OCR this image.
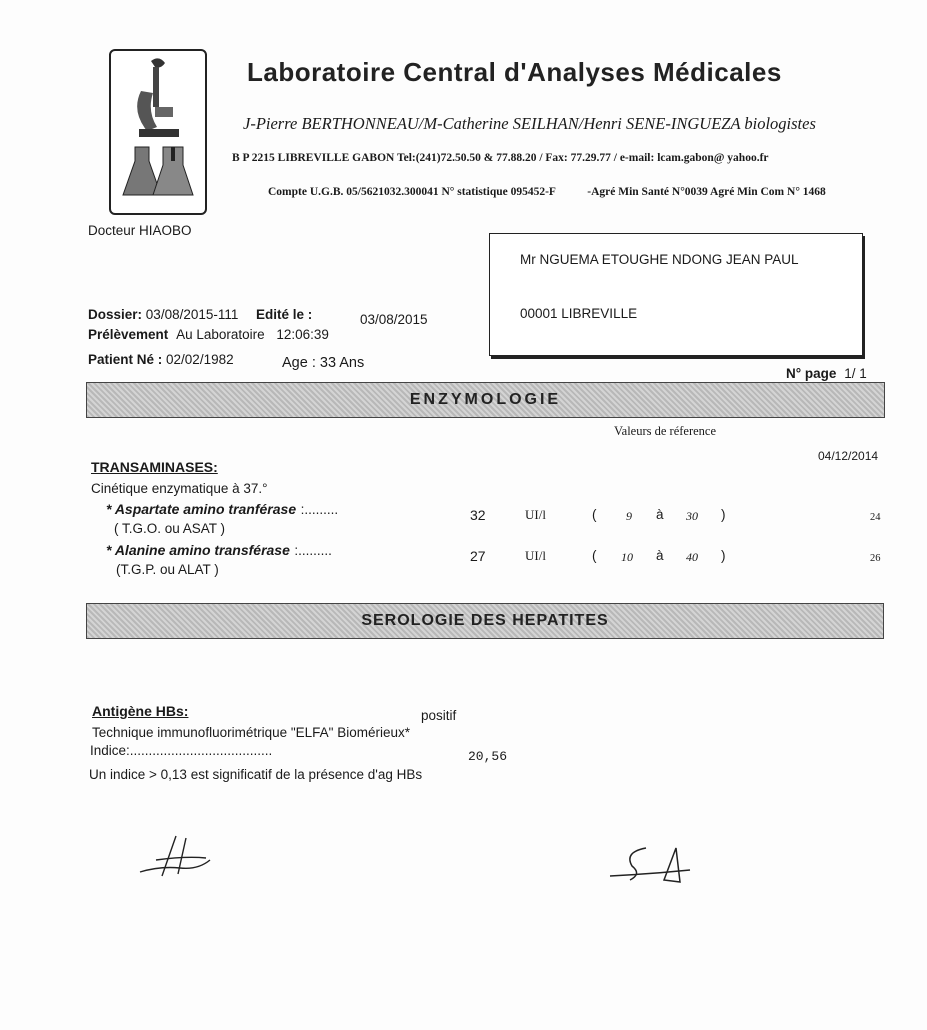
Laboratoire Central d'Analyses Médicales
J-Pierre BERTHONNEAU/M-Catherine SEILHAN/Henri SENE-INGUEZA biologistes
B P 2215 LIBREVILLE GABON Tel:(241)72.50.50 & 77.88.20 / Fax: 77.29.77 / e-mail: lcam.gabon@ yahoo.fr
Compte U.G.B. 05/5621032.300041 N° statistique 095452-F	-Agré Min Santé N°0039 Agré Min Com N° 1468
Docteur HIAOBO
Mr NGUEMA ETOUGHE NDONG JEAN PAUL
00001 LIBREVILLE
Dossier: 03/08/2015-111 Edité le :	03/08/2015
Prélèvement Au Laboratoire 12:06:39
Patient Né : 02/02/1982	Age : 33 Ans
N° page 1/ 1
ENZYMOLOGIE
Valeurs de réference
04/12/2014
TRANSAMINASES:
Cinétique enzymatique à 37.°
* Aspartate amino tranférase :.........
( T.G.O. ou ASAT )
32	UI/l	( 9 à 30 )	24
* Alanine amino transférase :.........
(T.G.P. ou ALAT )
27	UI/l	( 10 à 40 )	26
SEROLOGIE DES HEPATITES
Antigène HBs:	positif
Technique immunofluorimétrique "ELFA" Biomérieux*
Indice:......................................	20,56
Un indice > 0,13 est significatif de la présence d'ag HBs
